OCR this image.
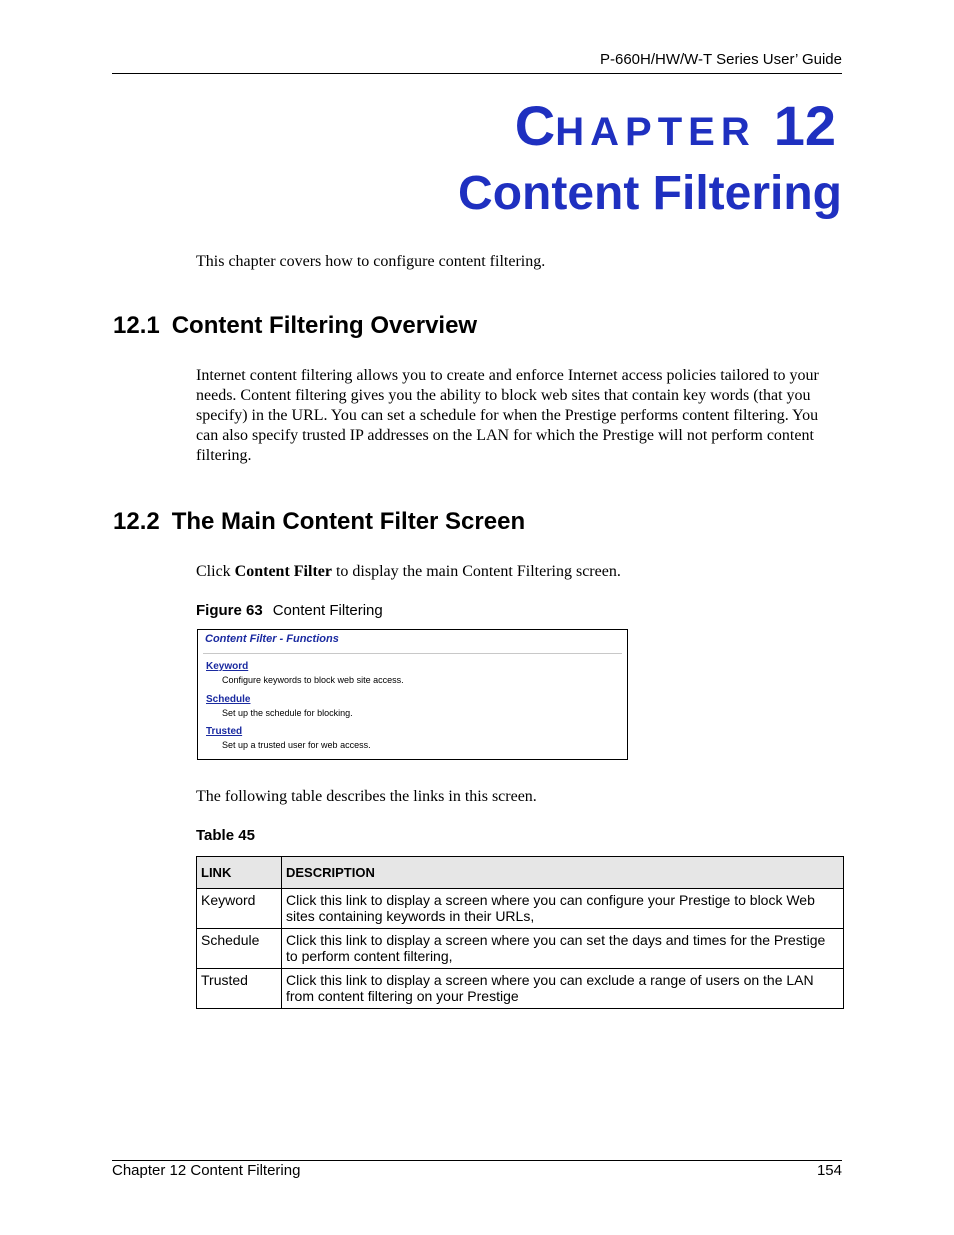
P-660H/HW/W-T Series User’ Guide
CHAPTER 12
Content Filtering
This chapter covers how to configure content filtering.
12.1 Content Filtering Overview
Internet content filtering allows you to create and enforce Internet access policies tailored to your needs. Content filtering gives you the ability to block web sites that contain key words (that you specify) in the URL. You can set a schedule for when the Prestige performs content filtering. You can also specify trusted IP addresses on the LAN for which the Prestige will not perform content filtering.
12.2 The Main Content Filter Screen
Click Content Filter to display the main Content Filtering screen.
Figure 63 Content Filtering
Content Filter - Functions
Keyword
Configure keywords to block web site access.
Schedule
Set up the schedule for blocking.
Trusted
Set up a trusted user for web access.
The following table describes the links in this screen.
Table 45
LINK	DESCRIPTION
Keyword	Click this link to display a screen where you can configure your Prestige to block Web sites containing keywords in their URLs,
Schedule	Click this link to display a screen where you can set the days and times for the Prestige to perform content filtering,
Trusted	Click this link to display a screen where you can exclude a range of users on the LAN from content filtering on your Prestige
Chapter 12 Content Filtering	154
